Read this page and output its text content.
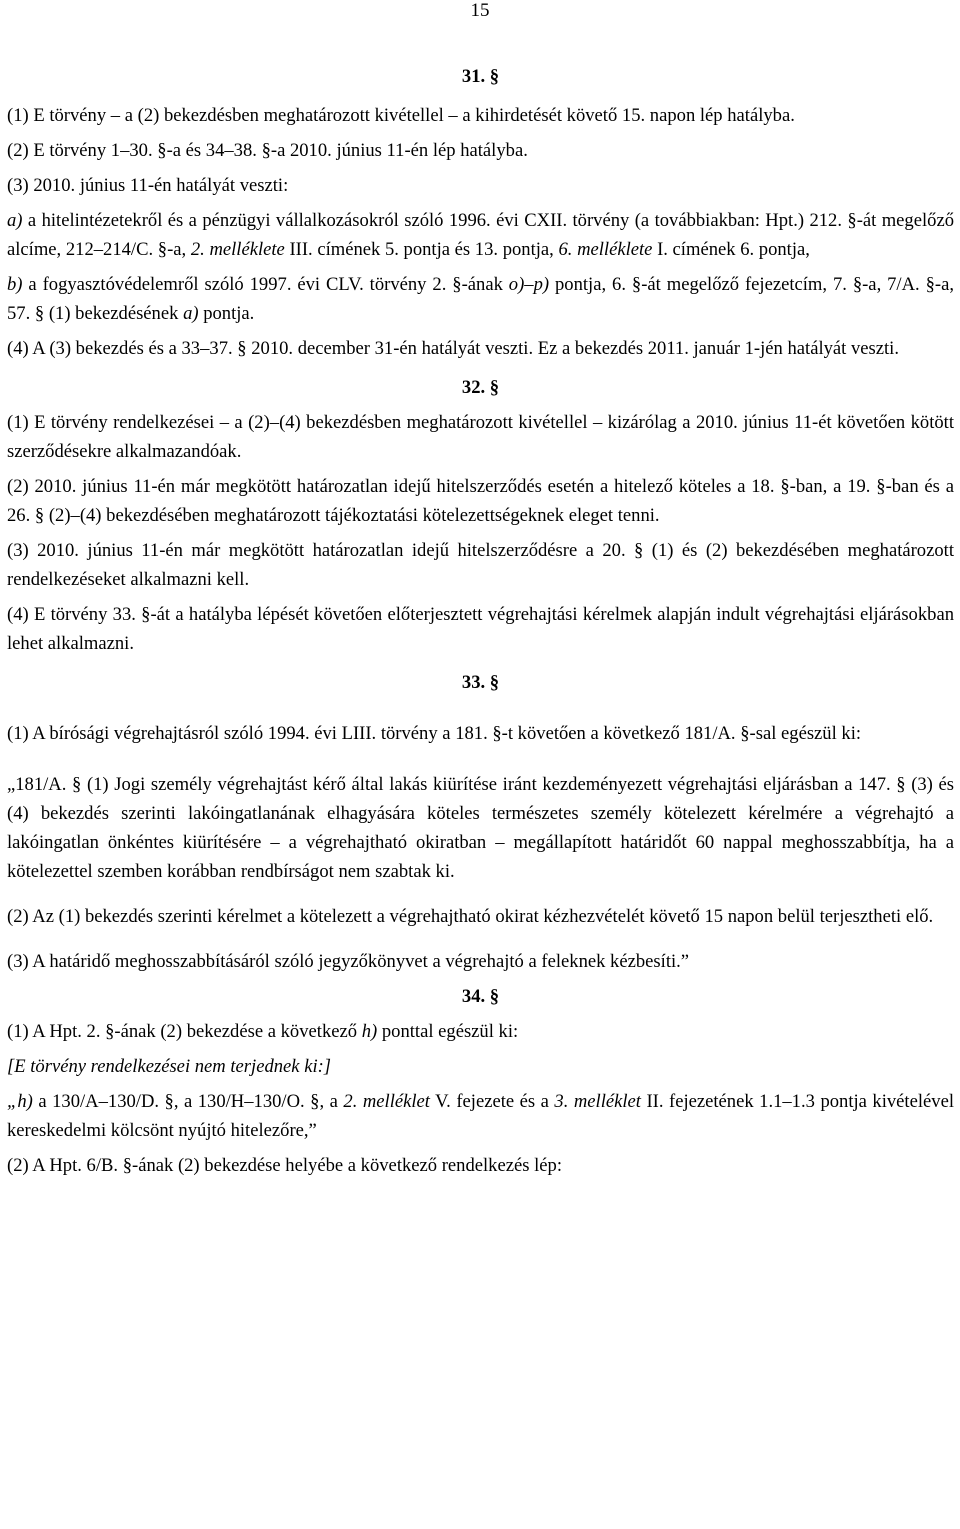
15

31. §

(1) E törvény – a (2) bekezdésben meghatározott kivétellel – a kihirdetését követő 15. napon lép hatályba.

(2) E törvény 1–30. §-a és 34–38. §-a 2010. június 11-én lép hatályba.

(3) 2010. június 11-én hatályát veszti:

a) a hitelintézetekről és a pénzügyi vállalkozásokról szóló 1996. évi CXII. törvény (a továbbiakban: Hpt.) 212. §-át megelőző alcíme, 212–214/C. §-a, 2. melléklete III. címének 5. pontja és 13. pontja, 6. melléklete I. címének 6. pontja,

b) a fogyasztóvédelemről szóló 1997. évi CLV. törvény 2. §-ának o)–p) pontja, 6. §-át megelőző fejezetcím, 7. §-a, 7/A. §-a, 57. § (1) bekezdésének a) pontja.

(4) A (3) bekezdés és a 33–37. § 2010. december 31-én hatályát veszti. Ez a bekezdés 2011. január 1-jén hatályát veszti.

32. §

(1) E törvény rendelkezései – a (2)–(4) bekezdésben meghatározott kivétellel – kizárólag a 2010. június 11-ét követően kötött szerződésekre alkalmazandóak.

(2) 2010. június 11-én már megkötött határozatlan idejű hitelszerződés esetén a hitelező köteles a 18. §-ban, a 19. §-ban és a 26. § (2)–(4) bekezdésében meghatározott tájékoztatási kötelezettségeknek eleget tenni.

(3) 2010. június 11-én már megkötött határozatlan idejű hitelszerződésre a 20. § (1) és (2) bekezdésében meghatározott rendelkezéseket alkalmazni kell.

(4) E törvény 33. §-át a hatályba lépését követően előterjesztett végrehajtási kérelmek alapján indult végrehajtási eljárásokban lehet alkalmazni.

33. §

(1) A bírósági végrehajtásról szóló 1994. évi LIII. törvény a 181. §-t követően a következő 181/A. §-sal egészül ki:

„181/A. § (1) Jogi személy végrehajtást kérő által lakás kiürítése iránt kezdeményezett végrehajtási eljárásban a 147. § (3) és (4) bekezdés szerinti lakóingatlanának elhagyására köteles természetes személy kötelezett kérelmére a végrehajtó a lakóingatlan önkéntes kiürítésére – a végrehajtható okiratban – megállapított határidőt 60 nappal meghosszabbítja, ha a kötelezettel szemben korábban rendbírságot nem szabtak ki.

(2) Az (1) bekezdés szerinti kérelmet a kötelezett a végrehajtható okirat kézhezvételét követő 15 napon belül terjesztheti elő.

(3) A határidő meghosszabbításáról szóló jegyzőkönyvet a végrehajtó a feleknek kézbesíti.”

34. §

(1) A Hpt. 2. §-ának (2) bekezdése a következő h) ponttal egészül ki:

[E törvény rendelkezései nem terjednek ki:]

„h) a 130/A–130/D. §, a 130/H–130/O. §, a 2. melléklet V. fejezete és a 3. melléklet II. fejezetének 1.1–1.3 pontja kivételével kereskedelmi kölcsönt nyújtó hitelezőre,”

(2) A Hpt. 6/B. §-ának (2) bekezdése helyébe a következő rendelkezés lép:
